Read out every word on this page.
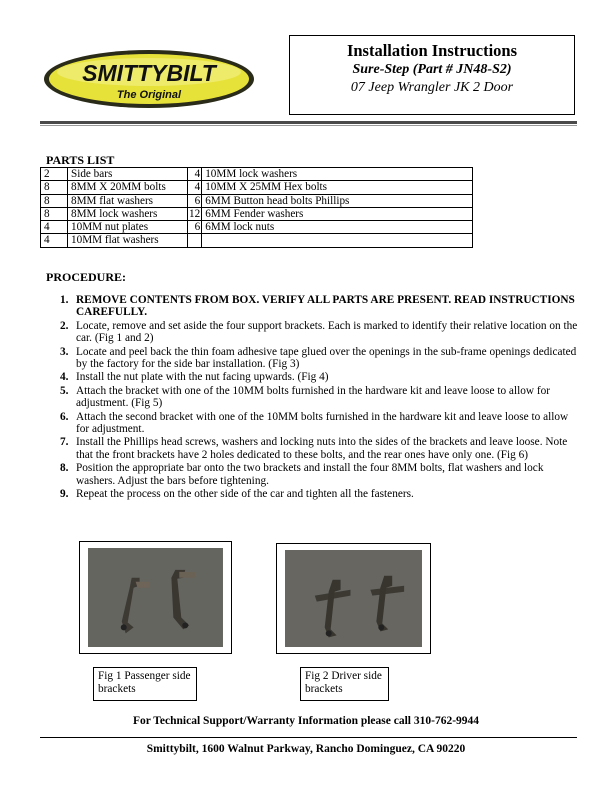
SMITTYBILT
The Original
Installation Instructions
Sure-Step (Part # JN48-S2)
07 Jeep Wrangler JK 2 Door
PARTS LIST
2	Side bars	4	10MM lock washers
8	8MM X 20MM bolts	4	10MM X 25MM Hex bolts
8	8MM flat washers	6	6MM Button head bolts Phillips
8	8MM lock washers	12	6MM Fender washers
4	10MM nut plates	6	6MM lock nuts
4	10MM flat washers		
PROCEDURE:
1. REMOVE CONTENTS FROM BOX. VERIFY ALL PARTS ARE PRESENT. READ INSTRUCTIONS CAREFULLY.
2. Locate, remove and set aside the four support brackets. Each is marked to identify their relative location on the car. (Fig 1 and 2)
3. Locate and peel back the thin foam adhesive tape glued over the openings in the sub-frame openings dedicated by the factory for the side bar installation. (Fig 3)
4. Install the nut plate with the nut facing upwards. (Fig 4)
5. Attach the bracket with one of the 10MM bolts furnished in the hardware kit and leave loose to allow for adjustment. (Fig 5)
6. Attach the second bracket with one of the 10MM bolts furnished in the hardware kit and leave loose to allow for adjustment.
7. Install the Phillips head screws, washers and locking nuts into the sides of the brackets and leave loose. Note that the front brackets have 2 holes dedicated to these bolts, and the rear ones have only one. (Fig 6)
8. Position the appropriate bar onto the two brackets and install the four 8MM bolts, flat washers and lock washers. Adjust the bars before tightening.
9. Repeat the process on the other side of the car and tighten all the fasteners.
Fig 1 Passenger side brackets
Fig 2 Driver side brackets
For Technical Support/Warranty Information please call 310-762-9944
Smittybilt, 1600 Walnut Parkway, Rancho Dominguez, CA 90220
